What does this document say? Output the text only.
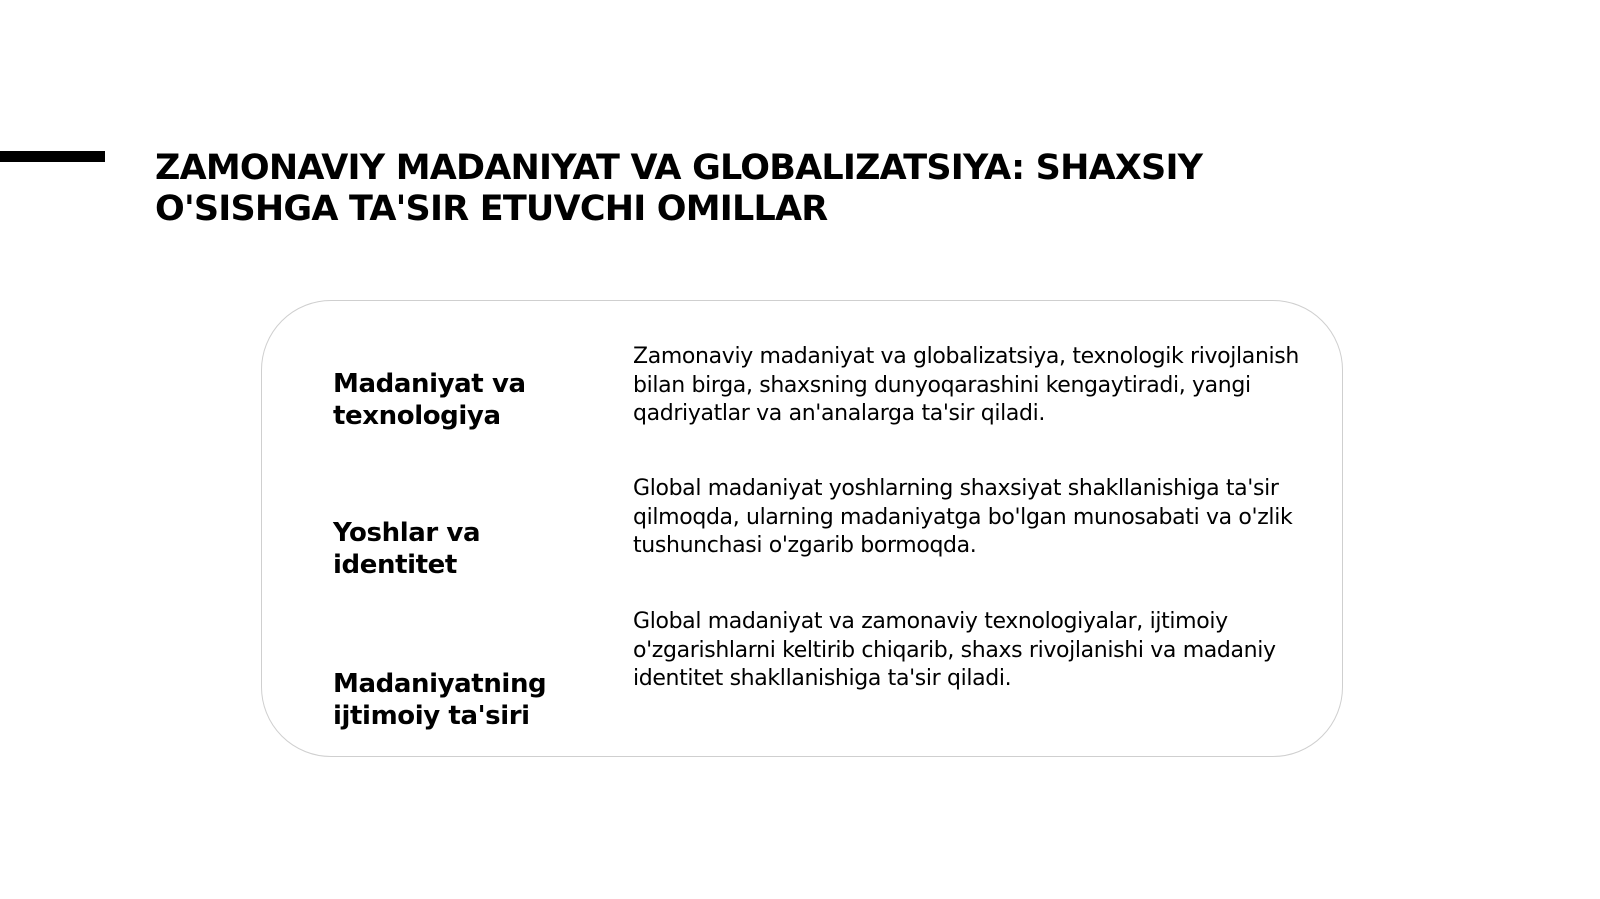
ZAMONAVIY MADANIYAT VA GLOBALIZATSIYA: SHAXSIY O'SISHGA TA'SIR ETUVCHI OMILLAR

Madaniyat va texnologiya

Zamonaviy madaniyat va globalizatsiya, texnologik rivojlanish bilan birga, shaxsning dunyoqarashini kengaytiradi, yangi qadriyatlar va an'analarga ta'sir qiladi.

Yoshlar va identitet

Global madaniyat yoshlarning shaxsiyat shakllanishiga ta'sir qilmoqda, ularning madaniyatga bo'lgan munosabati va o'zlik tushunchasi o'zgarib bormoqda.

Madaniyatning ijtimoiy ta'siri

Global madaniyat va zamonaviy texnologiyalar, ijtimoiy o'zgarishlarni keltirib chiqarib, shaxs rivojlanishi va madaniy identitet shakllanishiga ta'sir qiladi.
